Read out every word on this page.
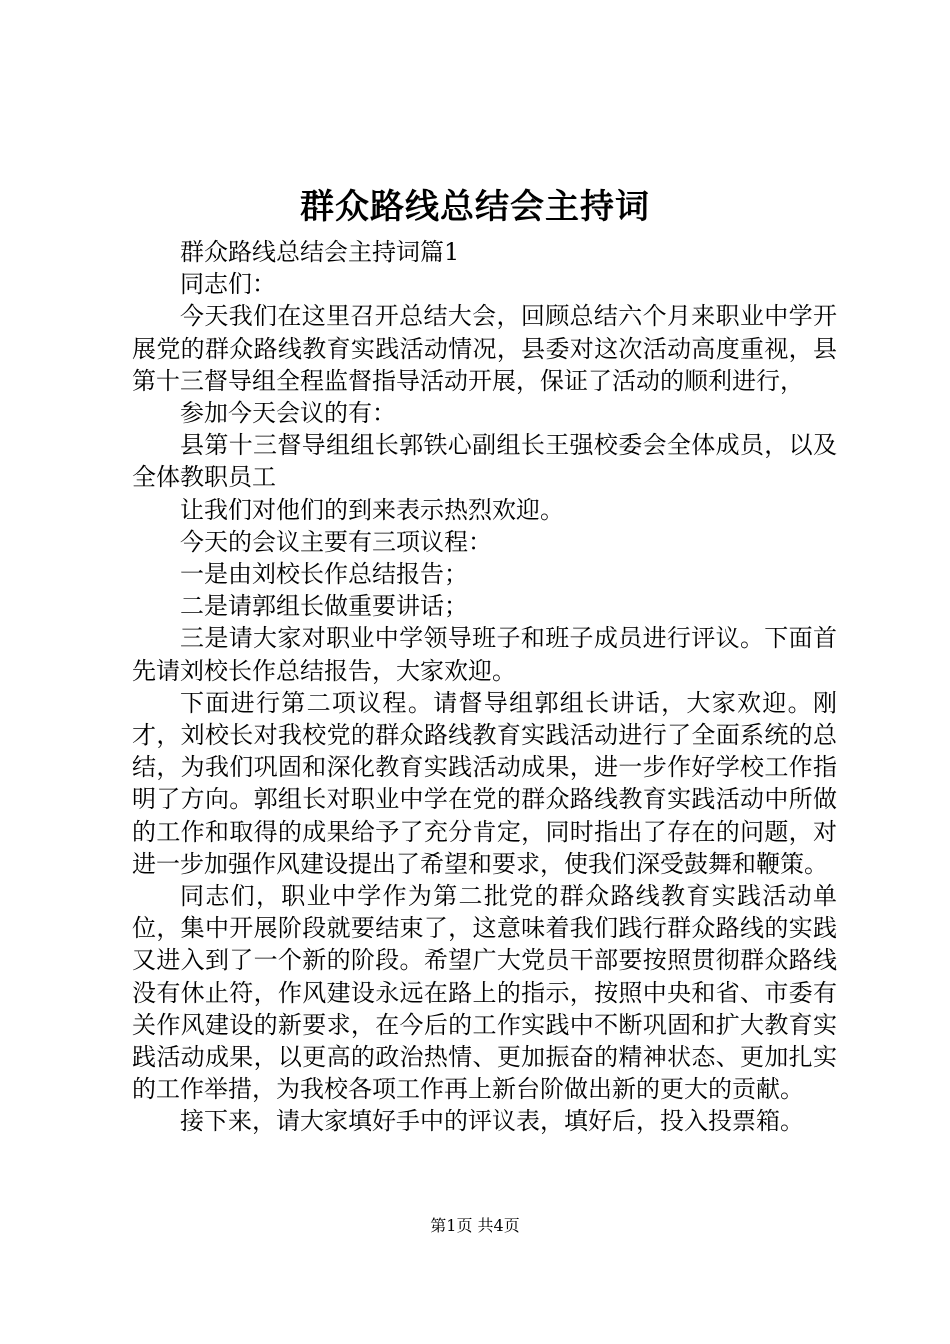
群众路线总结会主持词

群众路线总结会主持词篇1

同志们：

今天我们在这里召开总结大会，回顾总结六个月来职业中学开展党的群众路线教育实践活动情况，县委对这次活动高度重视，县第十三督导组全程监督指导活动开展，保证了活动的顺利进行，

参加今天会议的有：

县第十三督导组组长郭铁心副组长王强校委会全体成员，以及全体教职员工

让我们对他们的到来表示热烈欢迎。

今天的会议主要有三项议程：

一是由刘校长作总结报告；

二是请郭组长做重要讲话；

三是请大家对职业中学领导班子和班子成员进行评议。下面首先请刘校长作总结报告，大家欢迎。

下面进行第二项议程。请督导组郭组长讲话，大家欢迎。刚才，刘校长对我校党的群众路线教育实践活动进行了全面系统的总结，为我们巩固和深化教育实践活动成果，进一步作好学校工作指明了方向。郭组长对职业中学在党的群众路线教育实践活动中所做的工作和取得的成果给予了充分肯定，同时指出了存在的问题，对进一步加强作风建设提出了希望和要求，使我们深受鼓舞和鞭策。

同志们，职业中学作为第二批党的群众路线教育实践活动单位，集中开展阶段就要结束了，这意味着我们践行群众路线的实践又进入到了一个新的阶段。希望广大党员干部要按照贯彻群众路线没有休止符，作风建设永远在路上的指示，按照中央和省、市委有关作风建设的新要求，在今后的工作实践中不断巩固和扩大教育实践活动成果，以更高的政治热情、更加振奋的精神状态、更加扎实的工作举措，为我校各项工作再上新台阶做出新的更大的贡献。

接下来，请大家填好手中的评议表，填好后，投入投票箱。

第1页 共4页
